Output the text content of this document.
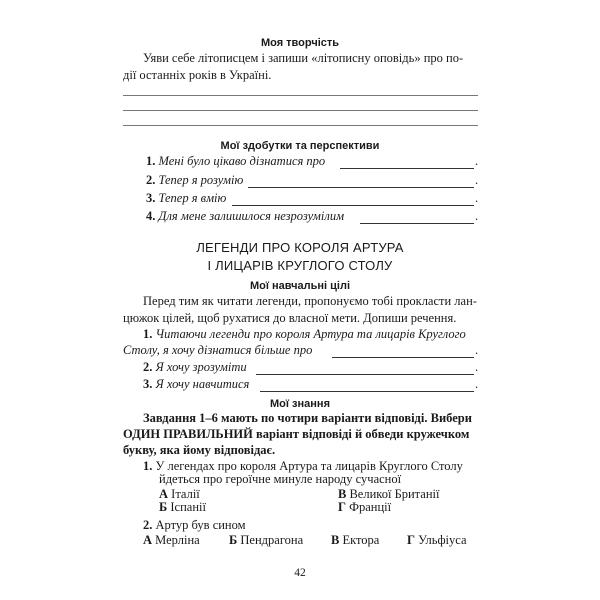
Моя творчість
Уяви себе літописцем і запиши «літописну оповідь» про по-
дії останніх років в Україні.
Мої здобутки та перспективи
1. Мені було цікаво дізнатися про	.
2. Тепер я розумію	.
3. Тепер я вмію	.
4. Для мене залишилося незрозумілим	.
ЛЕГЕНДИ ПРО КОРОЛЯ АРТУРА
І ЛИЦАРІВ КРУГЛОГО СТОЛУ
Мої навчальні цілі
Перед тим як читати легенди, пропонуємо тобі прокласти лан-
цюжок цілей, щоб рухатися до власної мети. Допиши речення.
1. Читаючи легенди про короля Артура та лицарів Круглого
Столу, я хочу дізнатися більше про	.
2. Я хочу зрозуміти	.
3. Я хочу навчитися	.
Мої знання
Завдання 1–6 мають по чотири варіанти відповіді. Вибери
ОДИН ПРАВИЛЬНИЙ варіант відповіді й обведи кружечком
букву, яка йому відповідає.
1. У легендах про короля Артура та лицарів Круглого Столу
йдеться про героїчне минуле народу сучасної
А Італії	В Великої Британії
Б Іспанії	Г Франції
2. Артур був сином
А Мерліна Б Пендрагона В Ектора Г Ульфіуса
42
